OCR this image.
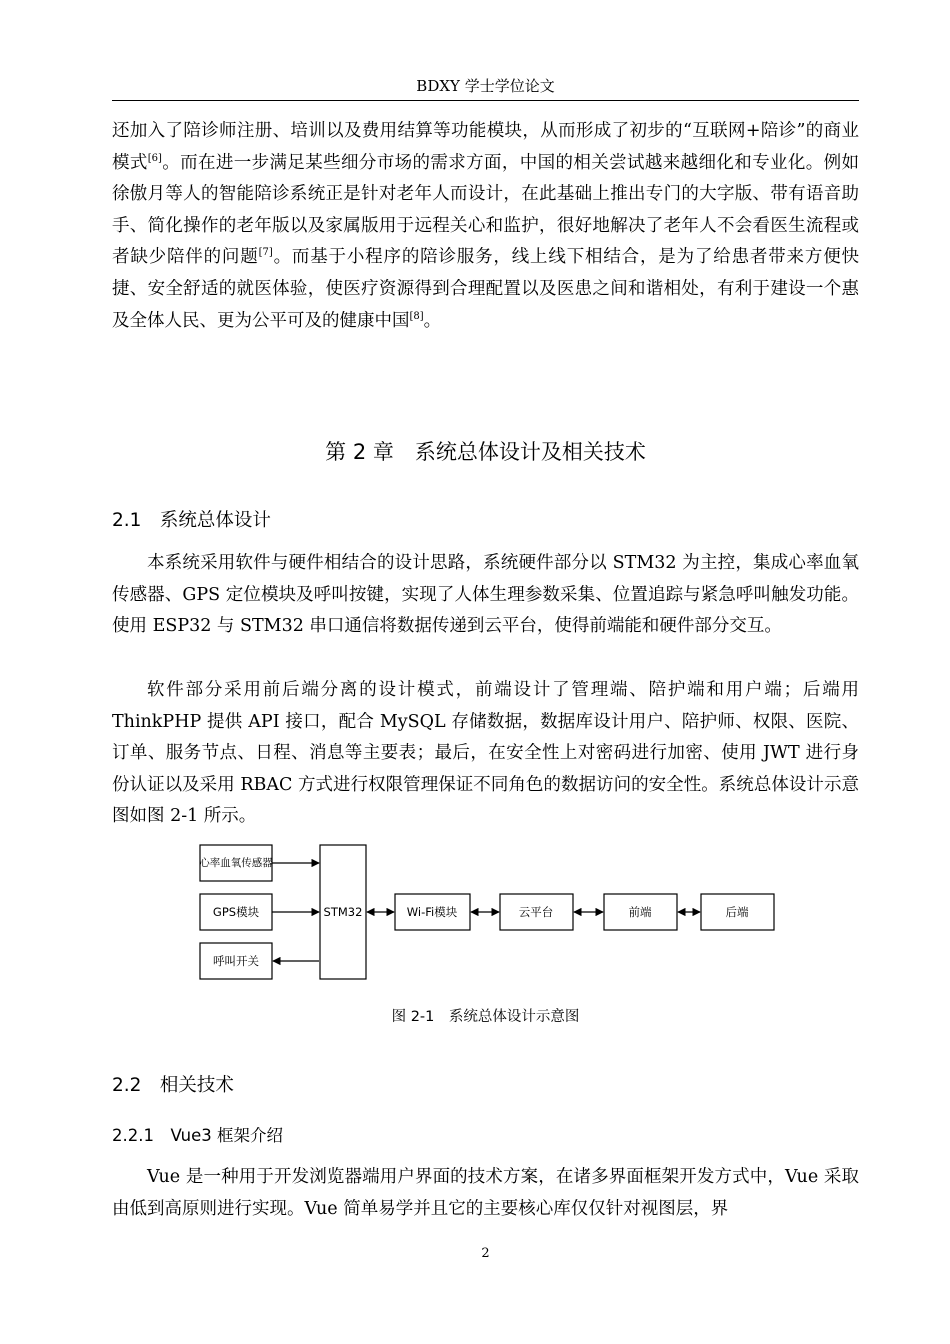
BDXY 学士学位论文

还加入了陪诊师注册、培训以及费用结算等功能模块，从而形成了初步的“互联网+陪诊”的商业模式[6]。而在进一步满足某些细分市场的需求方面，中国的相关尝试越来越细化和专业化。例如徐傲月等人的智能陪诊系统正是针对老年人而设计，在此基础上推出专门的大字版、带有语音助手、简化操作的老年版以及家属版用于远程关心和监护，很好地解决了老年人不会看医生流程或者缺少陪伴的问题[7]。而基于小程序的陪诊服务，线上线下相结合，是为了给患者带来方便快捷、安全舒适的就医体验，使医疗资源得到合理配置以及医患之间和谐相处，有利于建设一个惠及全体人民、更为公平可及的健康中国[8]。

第 2 章　系统总体设计及相关技术
2.1　系统总体设计

本系统采用软件与硬件相结合的设计思路，系统硬件部分以 STM32 为主控，集成心率血氧传感器、GPS 定位模块及呼叫按键，实现了人体生理参数采集、位置追踪与紧急呼叫触发功能。使用 ESP32 与 STM32 串口通信将数据传递到云平台，使得前端能和硬件部分交互。

软件部分采用前后端分离的设计模式，前端设计了管理端、陪护端和用户端；后端用 ThinkPHP 提供 API 接口，配合 MySQL 存储数据，数据库设计用户、陪护师、权限、医院、订单、服务节点、日程、消息等主要表；最后，在安全性上对密码进行加密、使用 JWT 进行身份认证以及采用 RBAC 方式进行权限管理保证不同角色的数据访问的安全性。系统总体设计示意图如图 2-1 所示。

心率血氧传感器
GPS模块
呼叫开关
STM32	Wi-Fi模块	云平台	前端	后端
图 2-1　系统总体设计示意图
2.2　相关技术
2.2.1　Vue3 框架介绍

Vue 是一种用于开发浏览器端用户界面的技术方案，在诸多界面框架开发方式中，Vue 采取由低到高原则进行实现。Vue 简单易学并且它的主要核心库仅仅针对视图层，界

2
